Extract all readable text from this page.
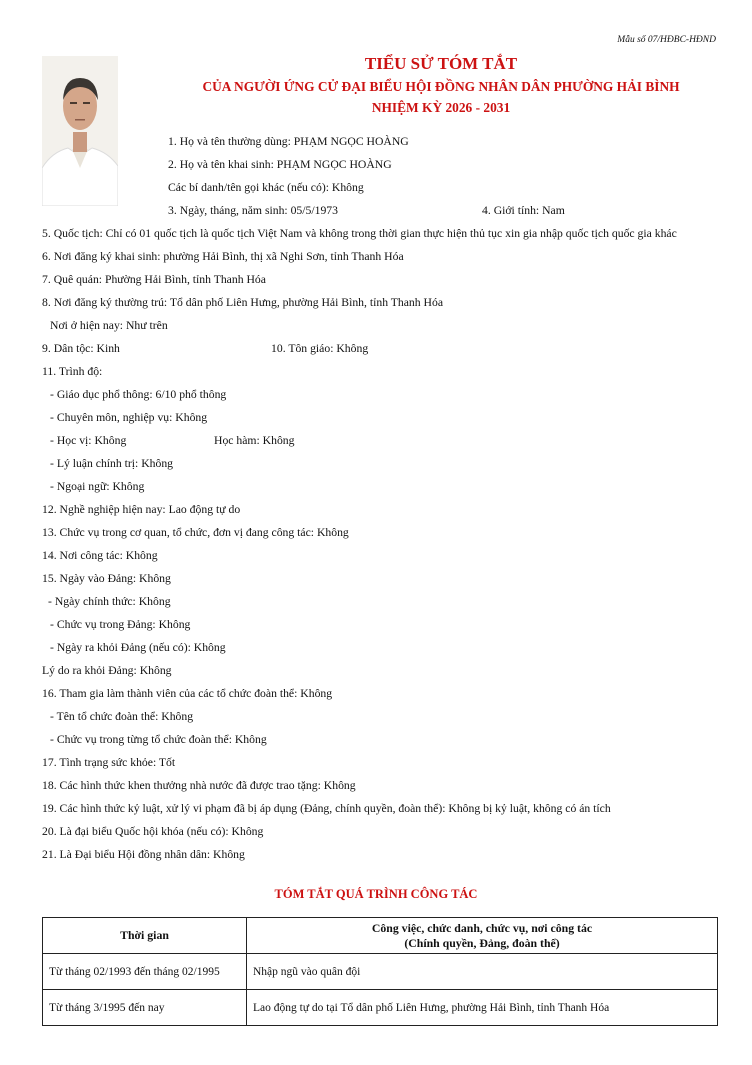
Mẫu số 07/HĐBC-HĐND
TIỂU SỬ TÓM TẮT
CỦA NGƯỜI ỨNG CỬ ĐẠI BIỂU HỘI ĐỒNG NHÂN DÂN PHƯỜNG HẢI BÌNH
NHIỆM KỲ 2026 - 2031
1. Họ và tên thường dùng: PHẠM NGỌC HOÀNG
2. Họ và tên khai sinh: PHẠM NGỌC HOÀNG
Các bí danh/tên gọi khác (nếu có): Không
3. Ngày, tháng, năm sinh: 05/5/1973	4. Giới tính: Nam
5. Quốc tịch: Chỉ có 01 quốc tịch là quốc tịch Việt Nam và không trong thời gian thực hiện thủ tục xin gia nhập quốc tịch quốc gia khác
6. Nơi đăng ký khai sinh: phường Hải Bình, thị xã Nghi Sơn, tỉnh Thanh Hóa
7. Quê quán: Phường Hải Bình, tỉnh Thanh Hóa
8. Nơi đăng ký thường trú: Tổ dân phố Liên Hưng, phường Hải Bình, tỉnh Thanh Hóa
Nơi ở hiện nay: Như trên
9. Dân tộc: Kinh	10. Tôn giáo: Không
11. Trình độ:
- Giáo dục phổ thông: 6/10 phổ thông
- Chuyên môn, nghiệp vụ: Không
- Học vị: Không	Học hàm: Không
- Lý luận chính trị: Không
- Ngoại ngữ: Không
12. Nghề nghiệp hiện nay: Lao động tự do
13. Chức vụ trong cơ quan, tổ chức, đơn vị đang công tác: Không
14. Nơi công tác: Không
15. Ngày vào Đảng: Không
- Ngày chính thức: Không
- Chức vụ trong Đảng: Không
- Ngày ra khỏi Đảng (nếu có): Không
Lý do ra khỏi Đảng: Không
16. Tham gia làm thành viên của các tổ chức đoàn thể: Không
- Tên tổ chức đoàn thể: Không
- Chức vụ trong từng tổ chức đoàn thể: Không
17. Tình trạng sức khỏe: Tốt
18. Các hình thức khen thưởng nhà nước đã được trao tặng: Không
19. Các hình thức kỷ luật, xử lý vi phạm đã bị áp dụng (Đảng, chính quyền, đoàn thể): Không bị kỷ luật, không có án tích
20. Là đại biểu Quốc hội khóa (nếu có): Không
21. Là Đại biểu Hội đồng nhân dân: Không
TÓM TẮT QUÁ TRÌNH CÔNG TÁC
Thời gian	Công việc, chức danh, chức vụ, nơi công tác
(Chính quyền, Đảng, đoàn thể)

Từ tháng 02/1993 đến tháng 02/1995	Nhập ngũ vào quân đội
Từ tháng 3/1995 đến nay	Lao động tự do tại Tổ dân phố Liên Hưng, phường Hải Bình, tỉnh Thanh Hóa
